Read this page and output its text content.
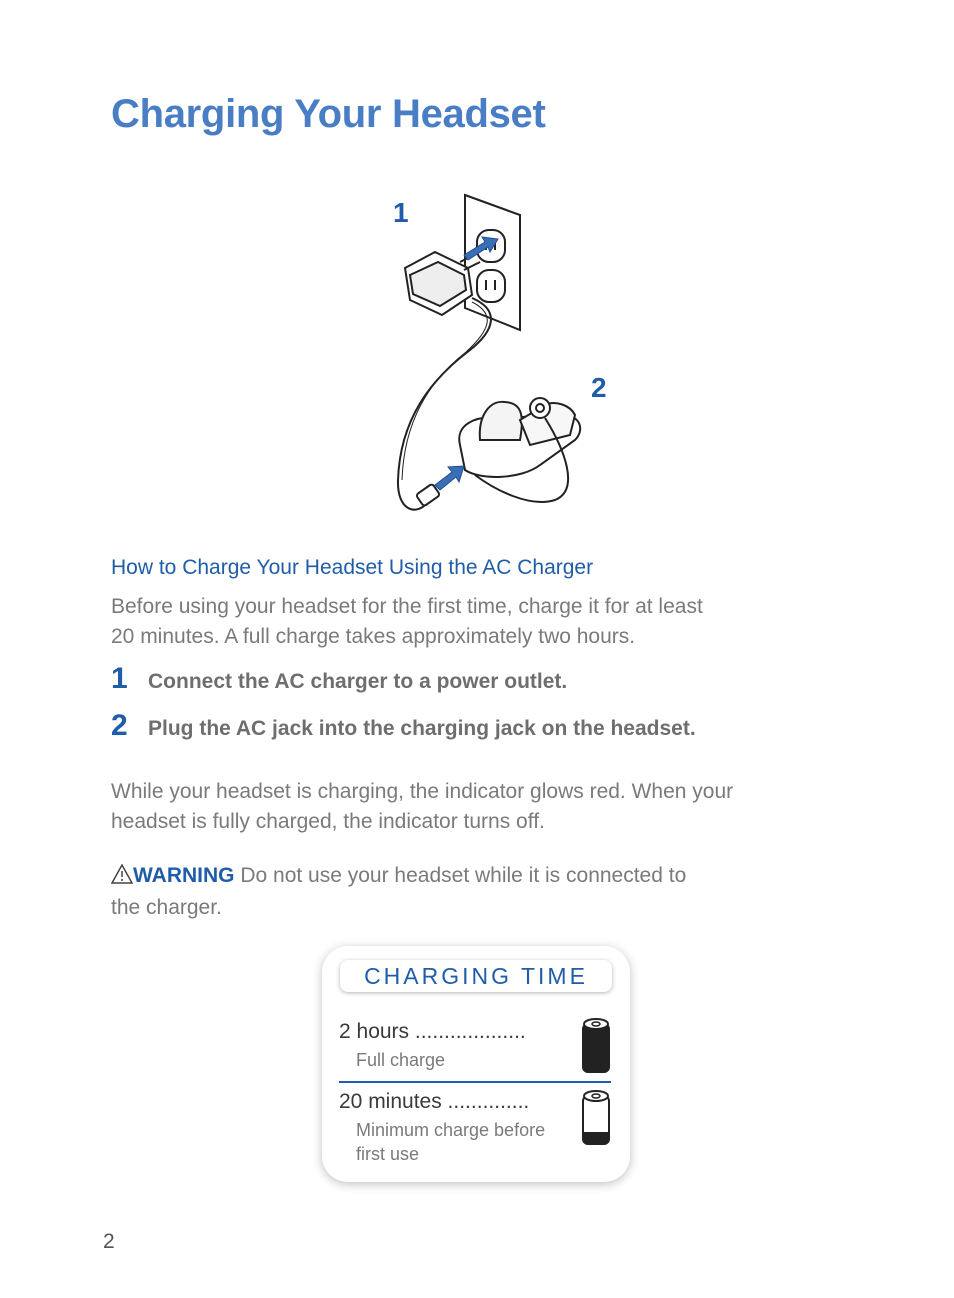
Charging Your Headset
1
2
How to Charge Your Headset Using the AC Charger

Before using your headset for the first time, charge it for at least
20 minutes. A full charge takes approximately two hours.

1 Connect the AC charger to a power outlet.
2 Plug the AC jack into the charging jack on the headset.

While your headset is charging, the indicator glows red. When your
headset is fully charged, the indicator turns off.

WARNING Do not use your headset while it is connected to
the charger.

CHARGING TIME

2 hours ...................

Full charge

20 minutes ..............

Minimum charge before first use

2
